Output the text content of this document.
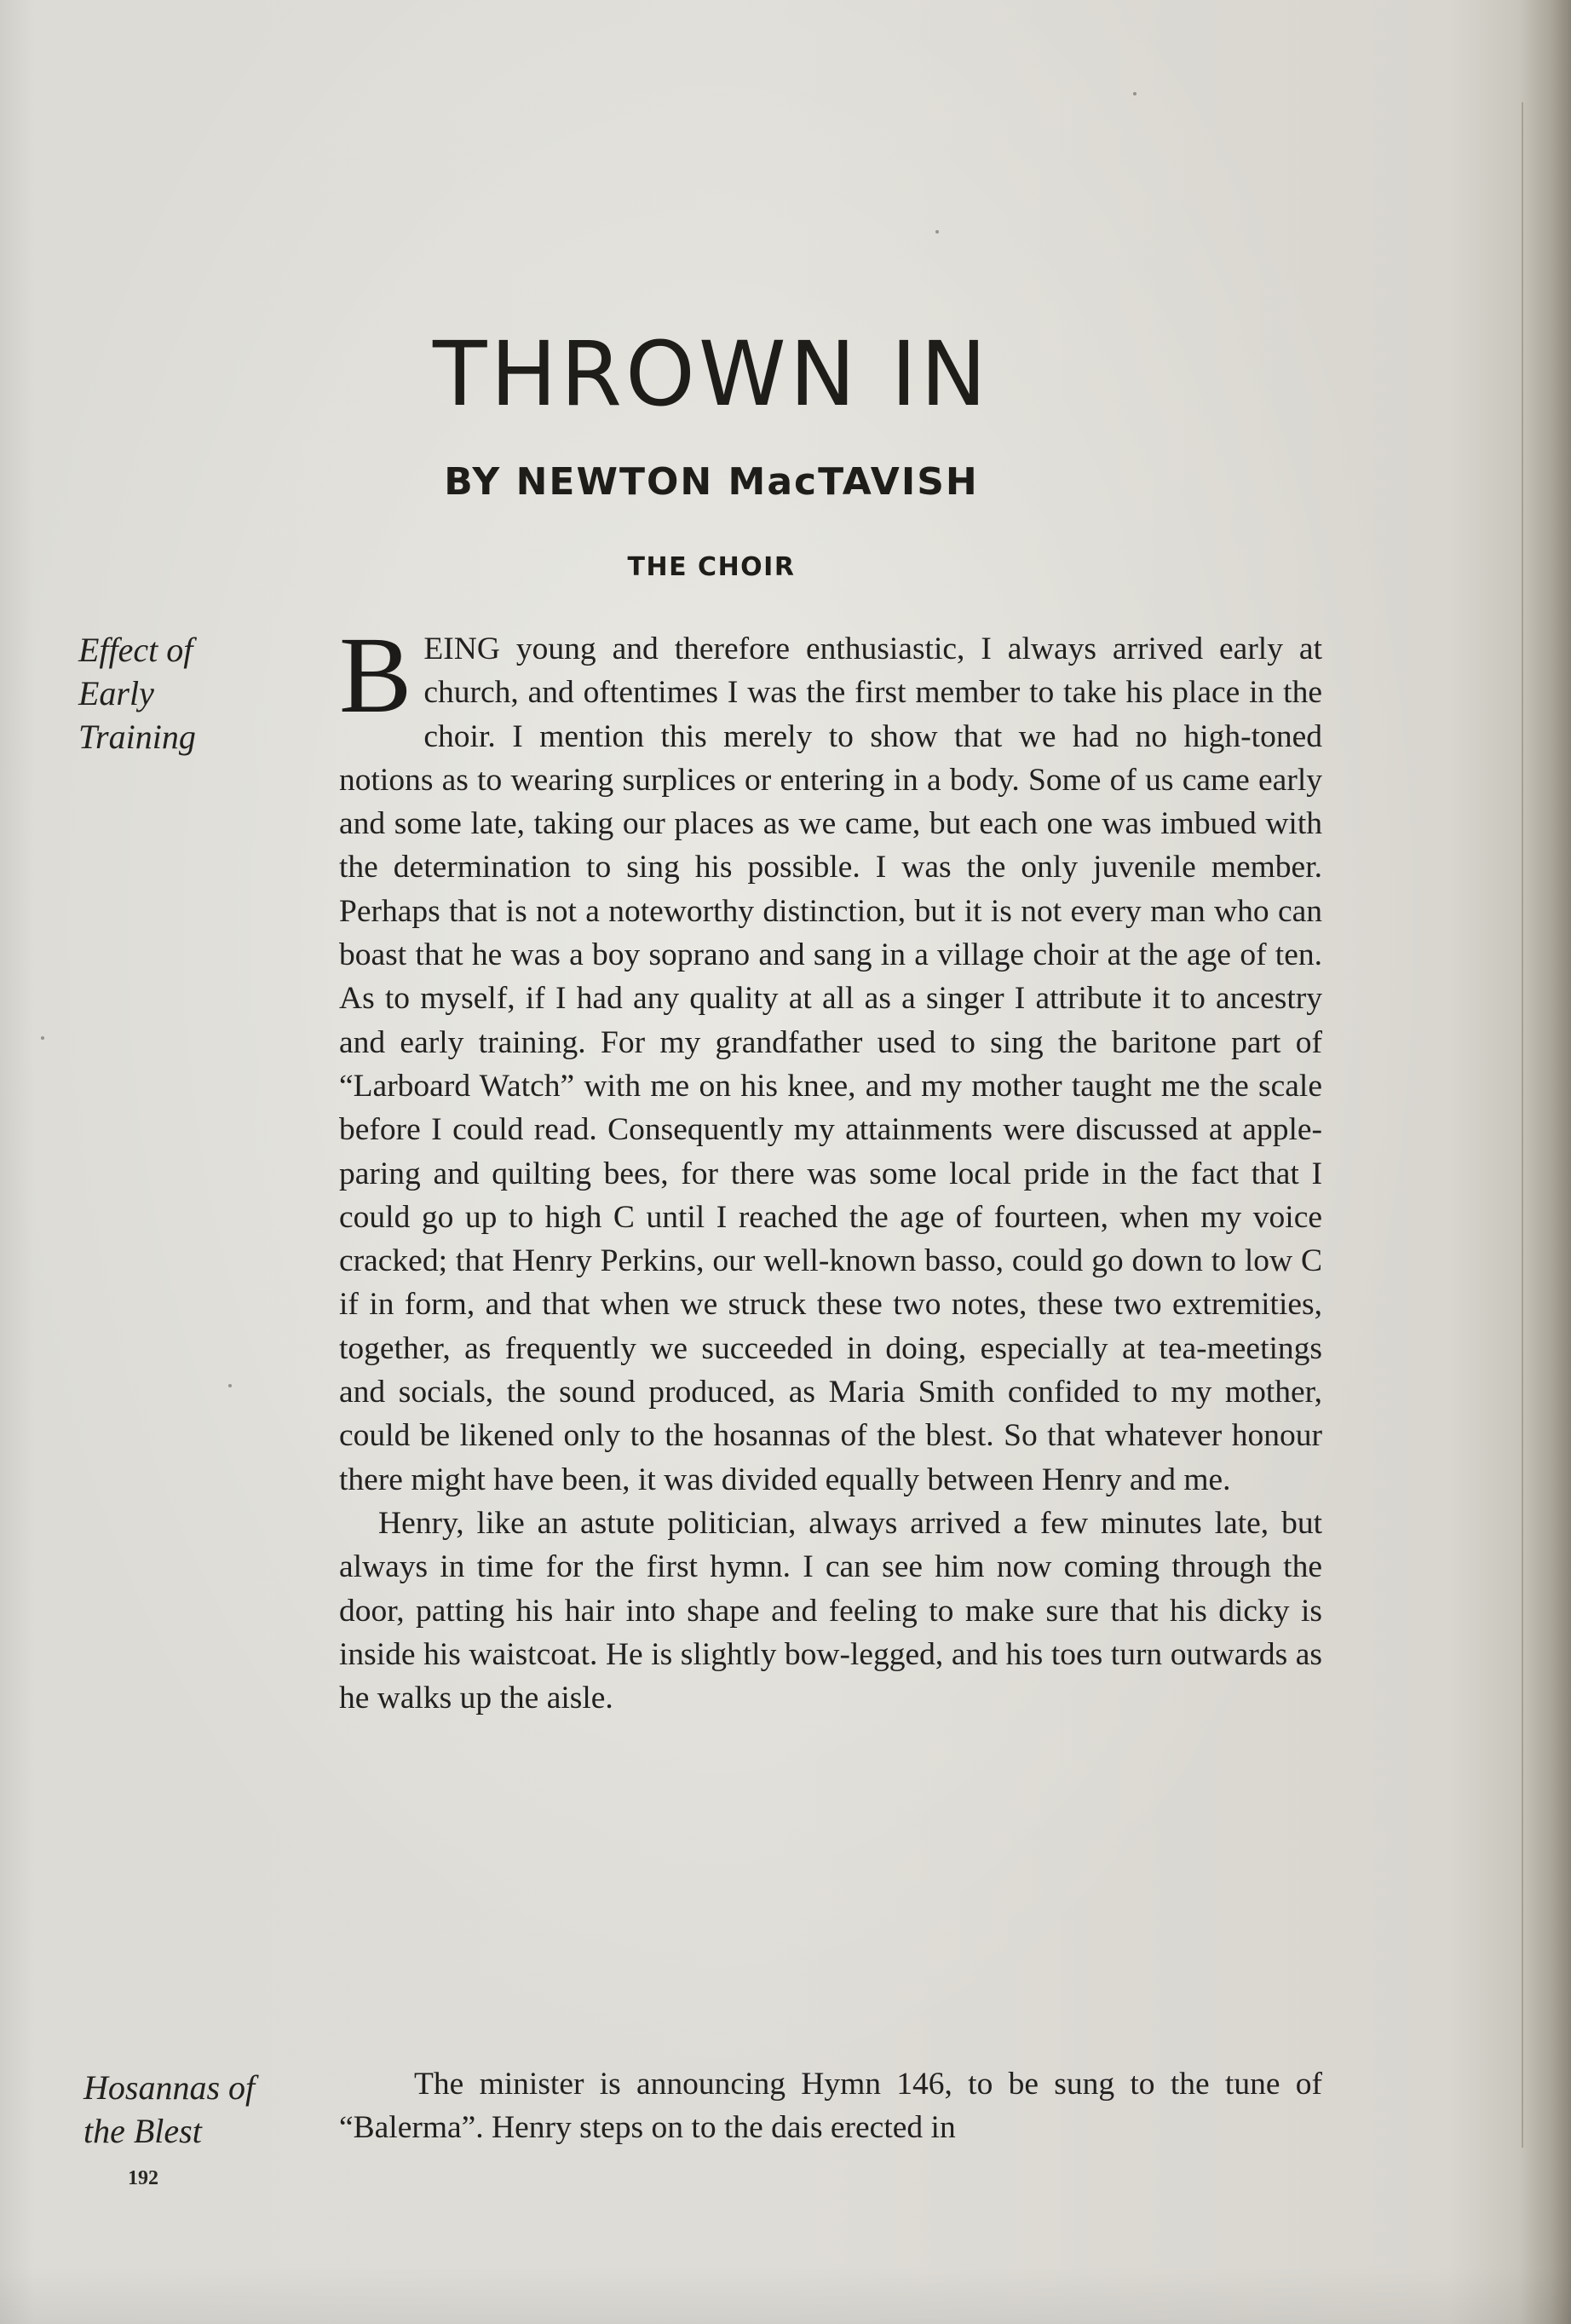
THROWN IN
BY NEWTON MacTAVISH
THE CHOIR
Effect of Early Training
Hosannas of the Blest

BEING young and therefore enthusiastic, I always arrived early at church, and oftentimes I was the first member to take his place in the choir. I mention this merely to show that we had no high-toned notions as to wearing surplices or entering in a body. Some of us came early and some late, taking our places as we came, but each one was imbued with the determination to sing his possible. I was the only juvenile member. Perhaps that is not a noteworthy distinction, but it is not every man who can boast that he was a boy soprano and sang in a village choir at the age of ten. As to myself, if I had any quality at all as a singer I attribute it to ancestry and early training. For my grandfather used to sing the baritone part of “Larboard Watch” with me on his knee, and my mother taught me the scale before I could read. Consequently my attainments were discussed at apple-paring and quilting bees, for there was some local pride in the fact that I could go up to high C until I reached the age of fourteen, when my voice cracked; that Henry Perkins, our well-known basso, could go down to low C if in form, and that when we struck these two notes, these two extremities, together, as frequently we succeeded in doing, especially at tea-meetings and socials, the sound produced, as Maria Smith confided to my mother, could be likened only to the hosannas of the blest. So that whatever honour there might have been, it was divided equally between Henry and me.

Henry, like an astute politician, always arrived a few minutes late, but always in time for the first hymn. I can see him now coming through the door, patting his hair into shape and feeling to make sure that his dicky is inside his waistcoat. He is slightly bow-legged, and his toes turn outwards as he walks up the aisle.

The minister is announcing Hymn 146, to be sung to the tune of “Balerma”. Henry steps on to the dais erected in

192
